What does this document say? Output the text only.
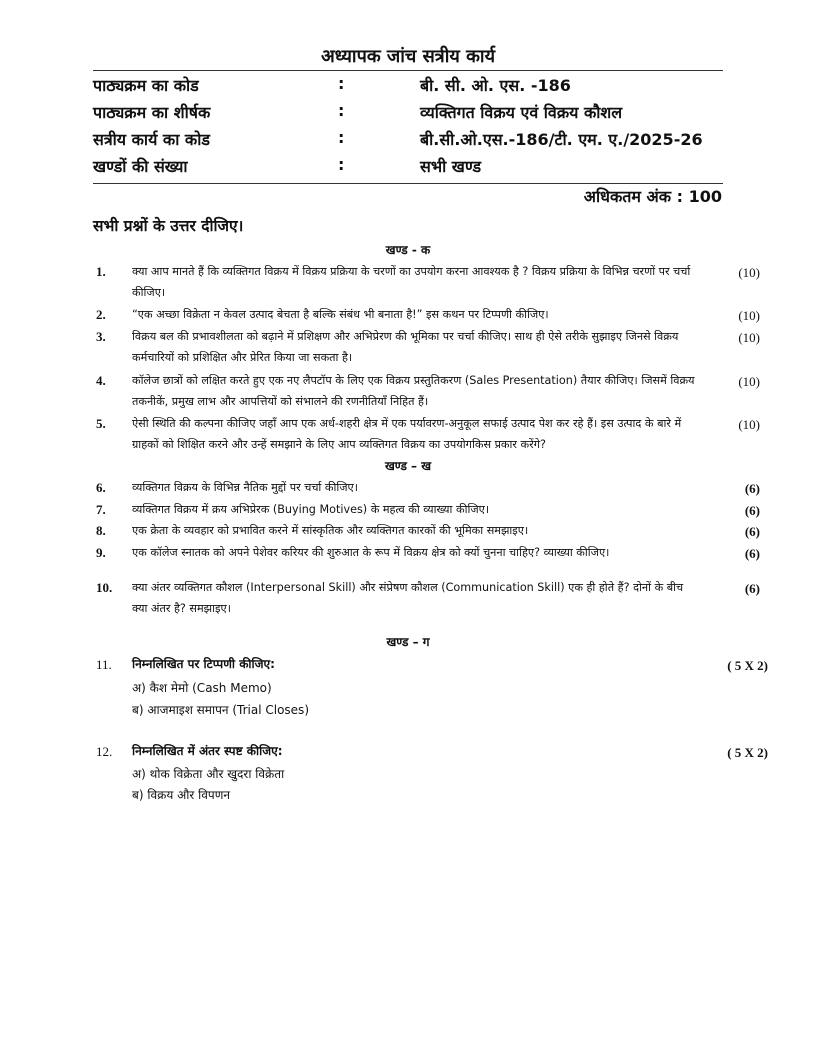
अध्यापक जांच सत्रीय कार्य
पाठ्यक्रम का कोड	:	बी. सी. ओ. एस. -186
पाठ्यक्रम का शीर्षक	:	व्यक्तिगत विक्रय एवं विक्रय कौशल
सत्रीय कार्य का कोड	:	बी.सी.ओ.एस.-186/टी. एम. ए./2025-26
खण्डों की संख्या	:	सभी खण्ड
अधिकतम अंक : 100
सभी प्रश्नों के उत्तर दीजिए।
खण्ड - क
1. क्या आप मानते हैं कि व्यक्तिगत विक्रय में विक्रय प्रक्रिया के चरणों का उपयोग करना आवश्यक है ? विक्रय प्रक्रिया के विभिन्न चरणों पर चर्चा कीजिए।
(10)
2. “एक अच्छा विक्रेता न केवल उत्पाद बेचता है बल्कि संबंध भी बनाता है!” इस कथन पर टिप्पणी कीजिए।	(10)
3. विक्रय बल की प्रभावशीलता को बढ़ाने में प्रशिक्षण और अभिप्रेरण की भूमिका पर चर्चा कीजिए। साथ ही ऐसे तरीके सुझाइए जिनसे विक्रय कर्मचारियों को प्रशिक्षित और प्रेरित किया जा सकता है।
(10)
4. कॉलेज छात्रों को लक्षित करते हुए एक नए लैपटॉप के लिए एक विक्रय प्रस्तुतिकरण (Sales Presentation) तैयार कीजिए। जिसमें विक्रय तकनीकें, प्रमुख लाभ और आपत्तियों को संभालने की रणनीतियाँ निहित हैं।
(10)
5. ऐसी स्थिति की कल्पना कीजिए जहाँ आप एक अर्ध-शहरी क्षेत्र में एक पर्यावरण-अनुकूल सफाई उत्पाद पेश कर रहे हैं। इस उत्पाद के बारे में ग्राहकों को शिक्षित करने और उन्हें समझाने के लिए आप व्यक्तिगत विक्रय का उपयोगकिस प्रकार करेंगे?
(10)
खण्ड – ख
6. व्यक्तिगत विक्रय के विभिन्न नैतिक मुद्दों पर चर्चा कीजिए।	(6)
7. व्यक्तिगत विक्रय में क्रय अभिप्रेरक (Buying Motives) के महत्व की व्याख्या कीजिए।	(6)
8. एक क्रेता के व्यवहार को प्रभावित करने में सांस्कृतिक और व्यक्तिगत कारकों की भूमिका समझाइए।	(6)
9. एक कॉलेज स्नातक को अपने पेशेवर करियर की शुरुआत के रूप में विक्रय क्षेत्र को क्यों चुनना चाहिए? व्याख्या कीजिए।	(6)
10. क्या अंतर व्यक्तिगत कौशल (Interpersonal Skill) और संप्रेषण कौशल (Communication Skill) एक ही होते हैं? दोनों के बीच क्या अंतर है? समझाइए।
(6)
खण्ड – ग
11. निम्नलिखित पर टिप्पणी कीजिए:	( 5 X 2)
अ) कैश मेमो (Cash Memo)
ब) आजमाइश समापन (Trial Closes)
12. निम्नलिखित में अंतर स्पष्ट कीजिए:	( 5 X 2)
अ) थोक विक्रेता और खुदरा विक्रेता
ब) विक्रय और विपणन
